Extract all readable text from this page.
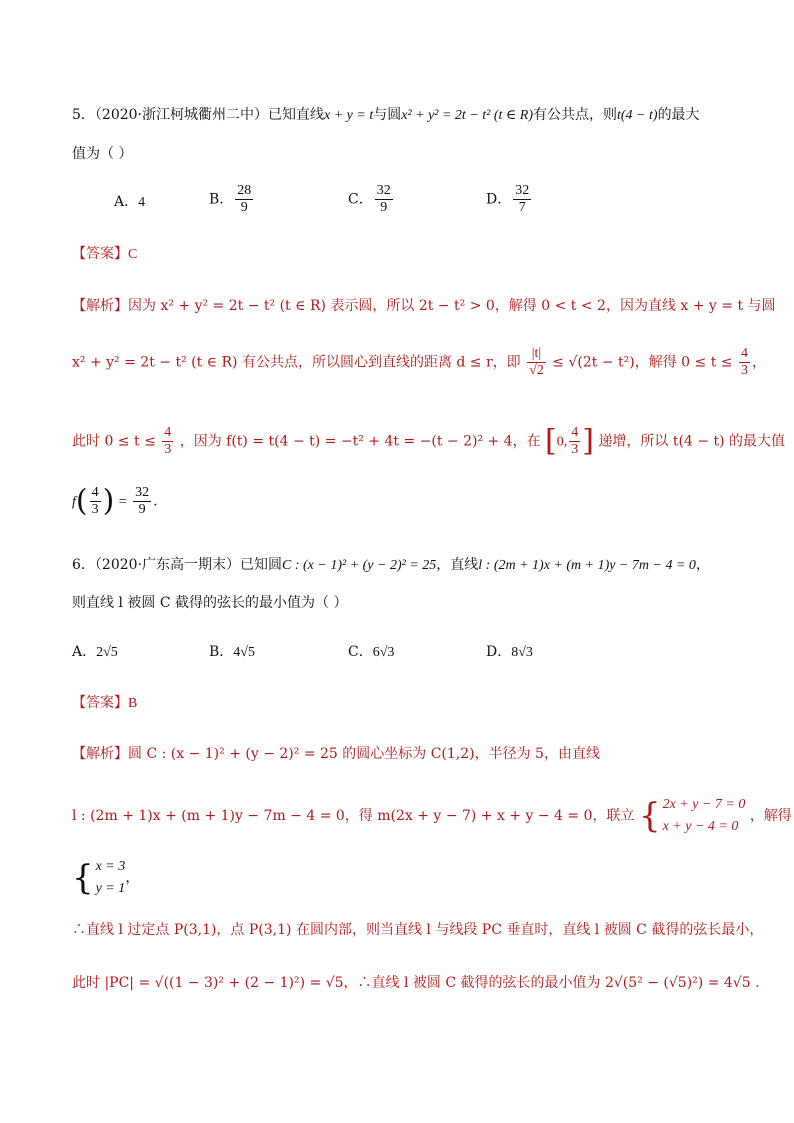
5．（2020·浙江柯城衢州二中）已知直线x + y = t与圆x² + y² = 2t − t² (t ∈ R)有公共点，则t(4 − t)的最大
值为（ ）
A．4	B． $\frac{28}{9}$	C． $\frac{32}{9}$	D． $\frac{32}{7}$
【答案】C
【解析】因为 x² + y² = 2t − t² (t ∈ R) 表示圆，所以 2t − t² > 0，解得 0 < t < 2，因为直线 x + y = t 与圆
x² + y² = 2t − t² (t ∈ R) 有公共点，所以圆心到直线的距离 d ≤ r，即 $\frac{|t|}{√2} \le √(2t - t^2)$，解得 $0 \le t \le \frac{4}{3}$ ，
此时 $0 \le t \le \frac{4}{3}$ ，因为 f(t) = t(4 − t) = −t² + 4t = −(t − 2)² + 4，在 [0, $\frac{4}{3}$ ] 递增，所以 t(4 − t) 的最大值
$f( \frac{4}{3}$ ) = $\frac{32}{9}$ .
6．（2020·广东高一期末）已知圆C : (x − 1)² + (y − 2)² = 25，直线l : (2m + 1)x + (m + 1)y − 7m − 4 = 0，
则直线 l 被圆 C 截得的弦长的最小值为（ ）
A．2√5	B．4√5	C．6√3	D．8√3
【答案】B
【解析】圆 C : (x − 1)² + (y − 2)² = 25 的圆心坐标为 C(1,2)，半径为 5，由直线
l : (2m + 1)x + (m + 1)y − 7m − 4 = 0，得 m(2x + y − 7) + x + y − 4 = 0，联立 { 2x + y − 7 = 0
x + y − 4 = 0
，解得
{ x = 3
y = 1
，
∴直线 l 过定点 P(3,1)，点 P(3,1) 在圆内部，则当直线 l 与线段 PC 垂直时，直线 l 被圆 C 截得的弦长最小，
此时 |PC| = √((1 − 3)² + (2 − 1)²) = √5，∴直线 l 被圆 C 截得的弦长的最小值为 2√(5² − (√5)²) = 4√5 .
